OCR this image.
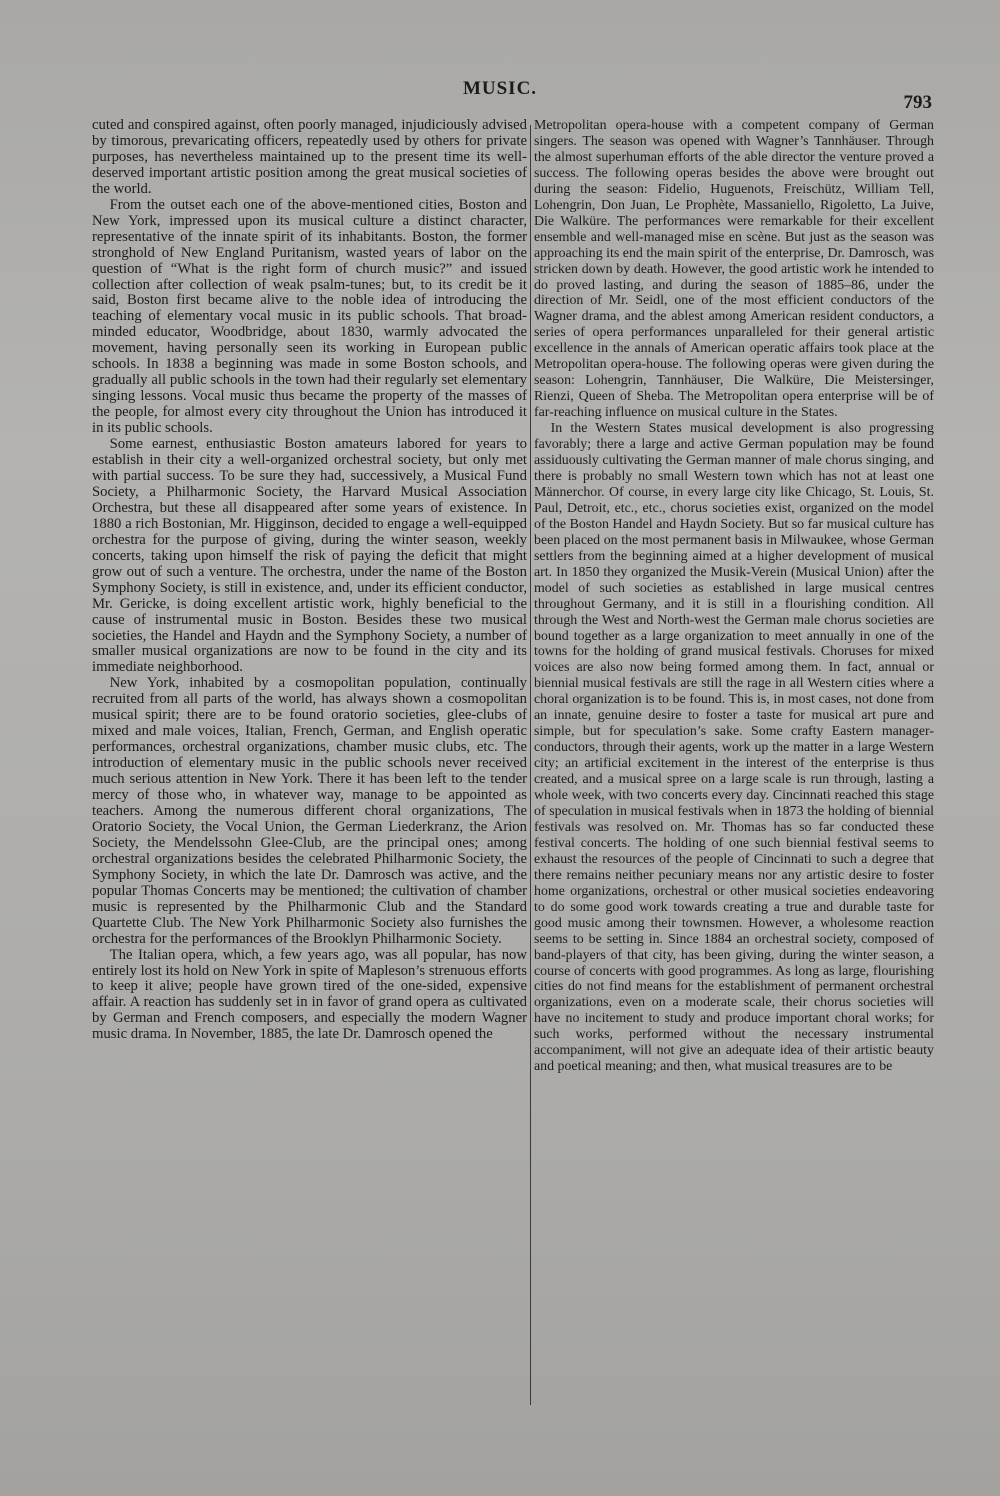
MUSIC.
793

cuted and conspired against, often poorly managed, injudiciously advised by timorous, prevaricating officers, repeatedly used by others for private purposes, has nevertheless maintained up to the present time its well-deserved important artistic position among the great musical societies of the world.

From the outset each one of the above-mentioned cities, Boston and New York, impressed upon its musical culture a distinct character, representative of the innate spirit of its inhabitants. Boston, the former stronghold of New England Puritanism, wasted years of labor on the question of “What is the right form of church music?” and issued collection after collection of weak psalm-tunes; but, to its credit be it said, Boston first became alive to the noble idea of introducing the teaching of elementary vocal music in its public schools. That broad-minded educator, Woodbridge, about 1830, warmly advocated the movement, having personally seen its working in European public schools. In 1838 a beginning was made in some Boston schools, and gradually all public schools in the town had their regularly set elementary singing lessons. Vocal music thus became the property of the masses of the people, for almost every city throughout the Union has introduced it in its public schools.

Some earnest, enthusiastic Boston amateurs labored for years to establish in their city a well-organized orchestral society, but only met with partial success. To be sure they had, successively, a Musical Fund Society, a Philharmonic Society, the Harvard Musical Association Orchestra, but these all disappeared after some years of existence. In 1880 a rich Bostonian, Mr. Higginson, decided to engage a well-equipped orchestra for the purpose of giving, during the winter season, weekly concerts, taking upon himself the risk of paying the deficit that might grow out of such a venture. The orchestra, under the name of the Boston Symphony Society, is still in existence, and, under its efficient conductor, Mr. Gericke, is doing excellent artistic work, highly beneficial to the cause of instrumental music in Boston. Besides these two musical societies, the Handel and Haydn and the Symphony Society, a number of smaller musical organizations are now to be found in the city and its immediate neighborhood.

New York, inhabited by a cosmopolitan population, continually recruited from all parts of the world, has always shown a cosmopolitan musical spirit; there are to be found oratorio societies, glee-clubs of mixed and male voices, Italian, French, German, and English operatic performances, orchestral organizations, chamber music clubs, etc. The introduction of elementary music in the public schools never received much serious attention in New York. There it has been left to the tender mercy of those who, in whatever way, manage to be appointed as teachers. Among the numerous different choral organizations, The Oratorio Society, the Vocal Union, the German Liederkranz, the Arion Society, the Mendelssohn Glee-Club, are the principal ones; among orchestral organizations besides the celebrated Philharmonic Society, the Symphony Society, in which the late Dr. Damrosch was active, and the popular Thomas Concerts may be mentioned; the cultivation of chamber music is represented by the Philharmonic Club and the Standard Quartette Club. The New York Philharmonic Society also furnishes the orchestra for the performances of the Brooklyn Philharmonic Society.

The Italian opera, which, a few years ago, was all popular, has now entirely lost its hold on New York in spite of Mapleson’s strenuous efforts to keep it alive; people have grown tired of the one-sided, expensive affair. A reaction has suddenly set in in favor of grand opera as cultivated by German and French composers, and especially the modern Wagner music drama. In November, 1885, the late Dr. Damrosch opened the

Metropolitan opera-house with a competent company of German singers. The season was opened with Wagner’s Tannhäuser. Through the almost superhuman efforts of the able director the venture proved a success. The following operas besides the above were brought out during the season: Fidelio, Huguenots, Freischütz, William Tell, Lohengrin, Don Juan, Le Prophète, Massaniello, Rigoletto, La Juive, Die Walküre. The performances were remarkable for their excellent ensemble and well-managed mise en scène. But just as the season was approaching its end the main spirit of the enterprise, Dr. Damrosch, was stricken down by death. However, the good artistic work he intended to do proved lasting, and during the season of 1885–86, under the direction of Mr. Seidl, one of the most efficient conductors of the Wagner drama, and the ablest among American resident conductors, a series of opera performances unparalleled for their general artistic excellence in the annals of American operatic affairs took place at the Metropolitan opera-house. The following operas were given during the season: Lohengrin, Tannhäuser, Die Walküre, Die Meistersinger, Rienzi, Queen of Sheba. The Metropolitan opera enterprise will be of far-reaching influence on musical culture in the States.

In the Western States musical development is also progressing favorably; there a large and active German population may be found assiduously cultivating the German manner of male chorus singing, and there is probably no small Western town which has not at least one Männerchor. Of course, in every large city like Chicago, St. Louis, St. Paul, Detroit, etc., etc., chorus societies exist, organized on the model of the Boston Handel and Haydn Society. But so far musical culture has been placed on the most permanent basis in Milwaukee, whose German settlers from the beginning aimed at a higher development of musical art. In 1850 they organized the Musik-Verein (Musical Union) after the model of such societies as established in large musical centres throughout Germany, and it is still in a flourishing condition. All through the West and North-west the German male chorus societies are bound together as a large organization to meet annually in one of the towns for the holding of grand musical festivals. Choruses for mixed voices are also now being formed among them. In fact, annual or biennial musical festivals are still the rage in all Western cities where a choral organization is to be found. This is, in most cases, not done from an innate, genuine desire to foster a taste for musical art pure and simple, but for speculation’s sake. Some crafty Eastern manager-conductors, through their agents, work up the matter in a large Western city; an artificial excitement in the interest of the enterprise is thus created, and a musical spree on a large scale is run through, lasting a whole week, with two concerts every day. Cincinnati reached this stage of speculation in musical festivals when in 1873 the holding of biennial festivals was resolved on. Mr. Thomas has so far conducted these festival concerts. The holding of one such biennial festival seems to exhaust the resources of the people of Cincinnati to such a degree that there remains neither pecuniary means nor any artistic desire to foster home organizations, orchestral or other musical societies endeavoring to do some good work towards creating a true and durable taste for good music among their townsmen. However, a wholesome reaction seems to be setting in. Since 1884 an orchestral society, composed of band-players of that city, has been giving, during the winter season, a course of concerts with good programmes. As long as large, flourishing cities do not find means for the establishment of permanent orchestral organizations, even on a moderate scale, their chorus societies will have no incitement to study and produce important choral works; for such works, performed without the necessary instrumental accompaniment, will not give an adequate idea of their artistic beauty and poetical meaning; and then, what musical treasures are to be
